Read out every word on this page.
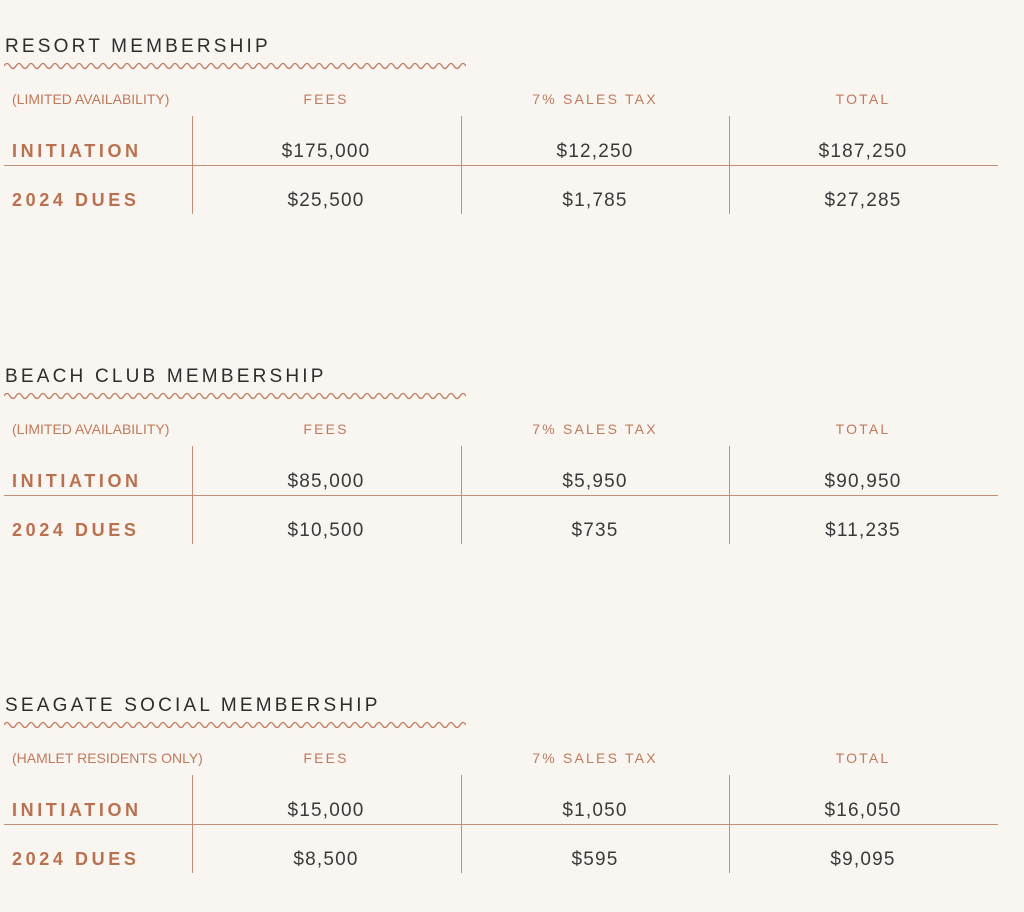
RESORT MEMBERSHIP
(LIMITED AVAILABILITY)	FEES	7% SALES TAX	TOTAL
INITIATION	$175,000	$12,250	$187,250
2024 DUES	$25,500	$1,785	$27,285
BEACH CLUB MEMBERSHIP
(LIMITED AVAILABILITY)	FEES	7% SALES TAX	TOTAL
INITIATION	$85,000	$5,950	$90,950
2024 DUES	$10,500	$735	$11,235
SEAGATE SOCIAL MEMBERSHIP
(HAMLET RESIDENTS ONLY)	FEES	7% SALES TAX	TOTAL
INITIATION	$15,000	$1,050	$16,050
2024 DUES	$8,500	$595	$9,095
